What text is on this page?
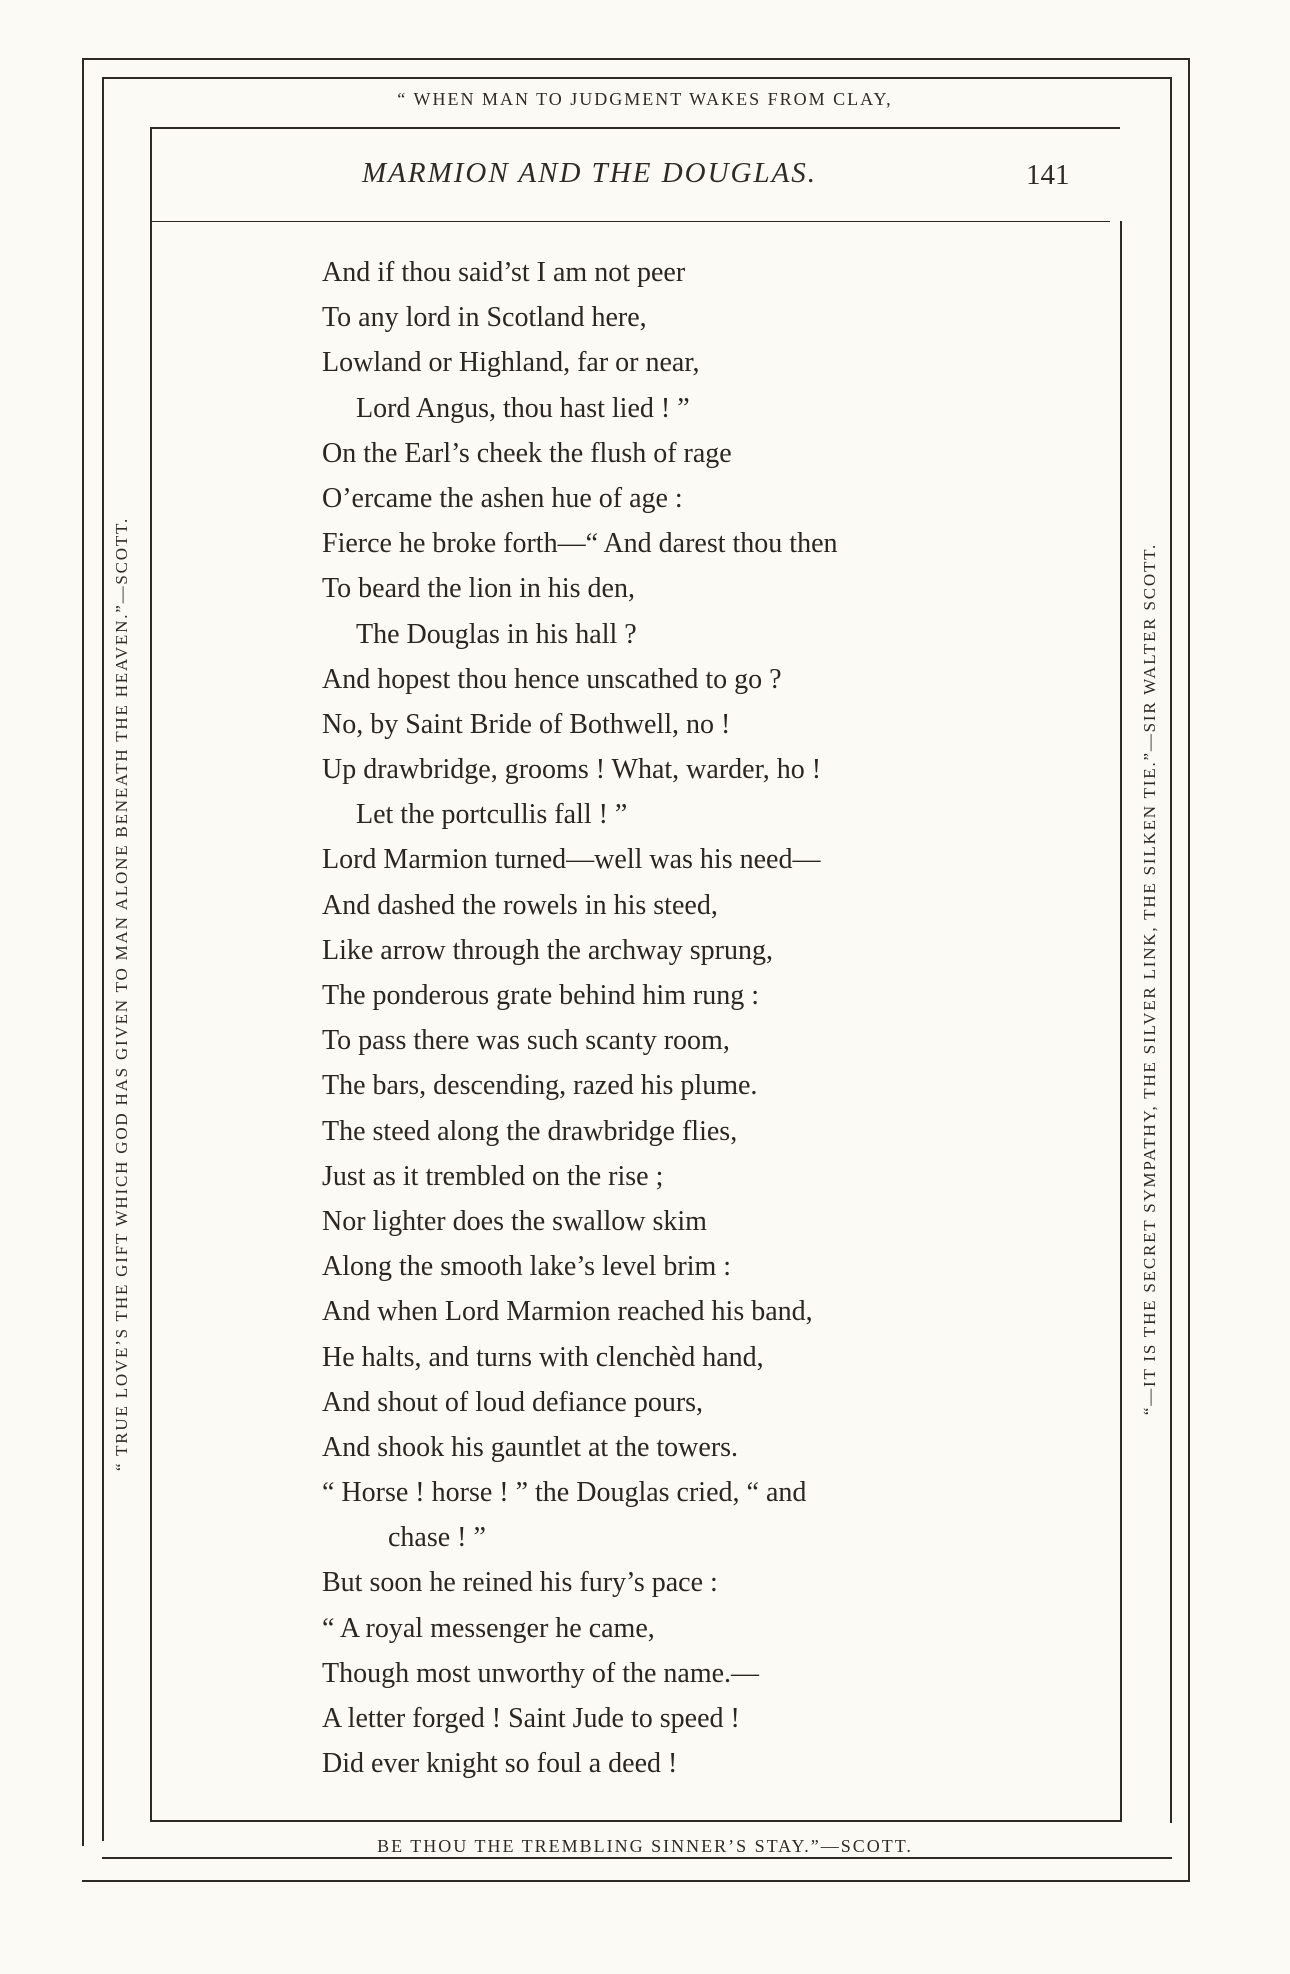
“ WHEN MAN TO JUDGMENT WAKES FROM CLAY,
BE THOU THE TREMBLING SINNER’S STAY.”—SCOTT.
“ TRUE LOVE’S THE GIFT WHICH GOD HAS GIVEN TO MAN ALONE BENEATH THE HEAVEN.”—SCOTT.	“—IT IS THE SECRET SYMPATHY, THE SILVER LINK, THE SILKEN TIE.”—SIR WALTER SCOTT.
MARMION AND THE DOUGLAS.	141
And if thou said’st I am not peer
To any lord in Scotland here,
Lowland or Highland, far or near,
Lord Angus, thou hast lied ! ”
On the Earl’s cheek the flush of rage
O’ercame the ashen hue of age :
Fierce he broke forth—“ And darest thou then
To beard the lion in his den,
The Douglas in his hall ?
And hopest thou hence unscathed to go ?
No, by Saint Bride of Bothwell, no !
Up drawbridge, grooms ! What, warder, ho !
Let the portcullis fall ! ”
Lord Marmion turned—well was his need—
And dashed the rowels in his steed,
Like arrow through the archway sprung,
The ponderous grate behind him rung :
To pass there was such scanty room,
The bars, descending, razed his plume.
The steed along the drawbridge flies,
Just as it trembled on the rise ;
Nor lighter does the swallow skim
Along the smooth lake’s level brim :
And when Lord Marmion reached his band,
He halts, and turns with clenchèd hand,
And shout of loud defiance pours,
And shook his gauntlet at the towers.
“ Horse ! horse ! ” the Douglas cried, “ and
chase ! ”
But soon he reined his fury’s pace :
“ A royal messenger he came,
Though most unworthy of the name.—
A letter forged ! Saint Jude to speed !
Did ever knight so foul a deed !
